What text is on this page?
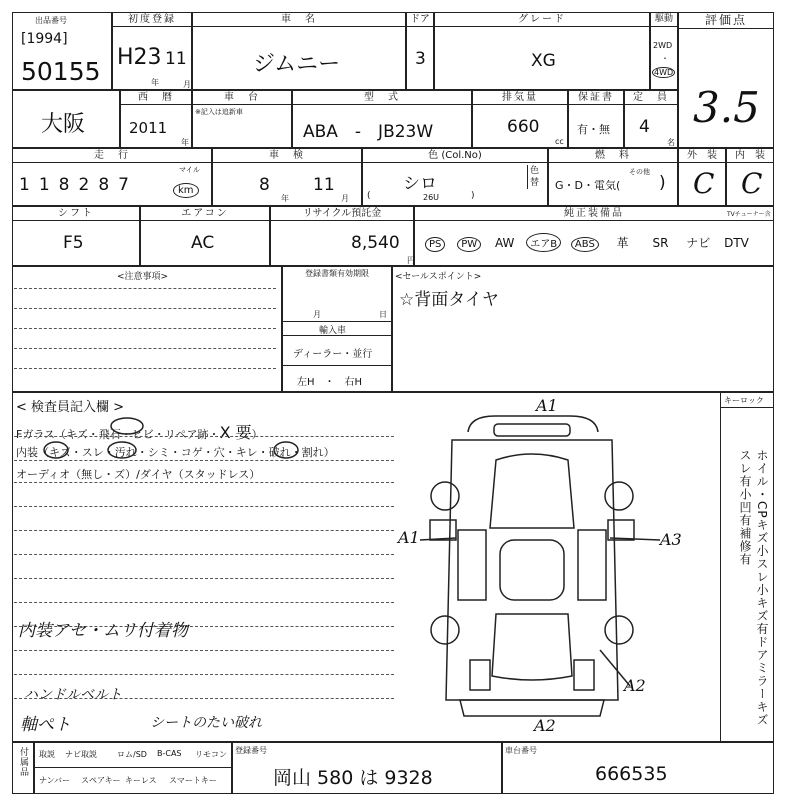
出品番号
[1994]
50155
初度登録
H23 11
年	月
車　名
ジムニー
ドア
3
グレード
XG
駆動
2WD
・
4WD
評価点
3.5
大阪
西　暦
2011
年
車　台
※記入は追新車
型　式
ABA　-　JB23W
排気量
660
cc
保証書
有・無
定　員
4
名
走　行
118287
マイル
km
車　検
8
年
11
月
色 (Col.No)
シロ
26U
(	)
色替
燃　料
G・D・電気(
その他
)
外　装
C
内　装
C
シフト
F5
エアコン
AC
リサイクル預託金
8,540
円
純正装備品	TVチューナー含
PS PW AW エアB ABS 革 SR ナビ DTV
<注意事項>	登録書類有効期限
月	日
輸入車
ディーラー・並行
左H　・　右H
<セールスポイント>
☆背面タイヤ
キーロック
ホイル・CPキズ小スレ小キズ有ドアミラーキズスレ有小凹有補修有
< 検査員記入欄 >
Fガラス（キズ・飛石・ヒビ・リペア跡・X 要）
内装（キズ・スレ・汚れ・シミ・コゲ・穴・キレ・破れ・割れ）
オーディオ（無し・ズ）/ダイヤ（スタッドレス）
内装アセ・ムリ付着物
ハンドルベルト
軸ぺト	シートのたい破れ
A1
A1	A3
A2
A2
付属品 取説 ナビ取説	ロム/SD B-CAS リモコン
ナンバー スペアキー キーレス スマートキー
登録番号
岡山 580 は 9328
車台番号
666535
